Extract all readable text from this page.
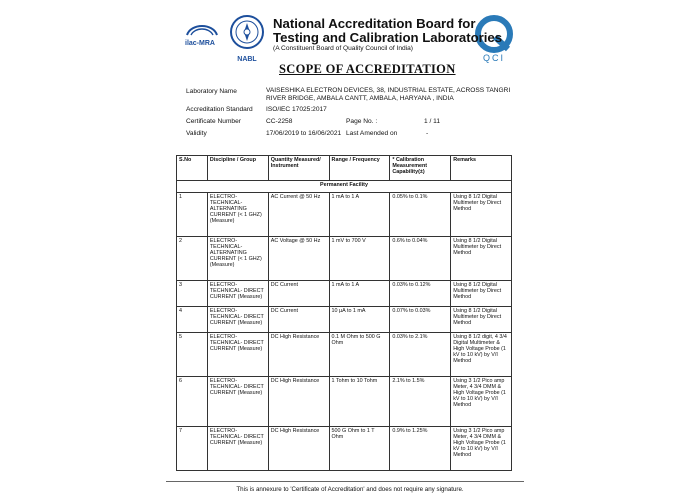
ilac-MRA
NABL	QCI
National Accreditation Board for
Testing and Calibration Laboratories
(A Constituent Board of Quality Council of India)
SCOPE OF ACCREDITATION
Laboratory Name	VAISESHIKA ELECTRON DEVICES, 38, INDUSTRIAL ESTATE, ACROSS TANGRI
RIVER BRIDGE, AMBALA CANTT, AMBALA, HARYANA , INDIA
Accreditation Standard ISO/IEC 17025:2017
Certificate Number	CC-2258	Page No. :	1 / 11
Validity	17/06/2019 to 16/06/2021 Last Amended on	-
S.No	Discipline / Group	Quantity Measured/ Instrument	Range / Frequency	* Calibration Measurement Capability(±)	Remarks
Permanent Facility					
1	ELECTRO-TECHNICAL-ALTERNATING CURRENT (< 1 GHZ) (Measure)	AC Current @ 50 Hz	1 mA to 1 A	0.05% to 0.1%	Using 8 1/2 Digital Multimeter by Direct Method
2	ELECTRO-TECHNICAL-ALTERNATING CURRENT (< 1 GHZ) (Measure)	AC Voltage @ 50 Hz	1 mV to 700 V	0.6% to 0.04%	Using 8 1/2 Digital Multimeter by Direct Method
3	ELECTRO-TECHNICAL- DIRECT CURRENT (Measure)	DC Current	1 mA to 1 A	0.03% to 0.12%	Using 8 1/2 Digital Multimeter by Direct Method
4	ELECTRO-TECHNICAL- DIRECT CURRENT (Measure)	DC Current	10 µA to 1 mA	0.07% to 0.03%	Using 8 1/2 Digital Multimeter by Direct Method
5	ELECTRO-TECHNICAL- DIRECT CURRENT (Measure)	DC High Resistance	0.1 M Ohm to 500 G Ohm	0.03% to 2.1%	Using 8 1/2 digit, 4 3/4 Digital Multimeter & High Voltage Probe (1 kV to 10 kV) by V/I Method
6	ELECTRO-TECHNICAL- DIRECT CURRENT (Measure)	DC High Resistance	1 Tohm to 10 Tohm	2.1% to 1.5%	Using 3 1/2 Pico amp Meter, 4 3/4 DMM & High Voltage Probe (1 kV to 10 kV) by V/I Method
7	ELECTRO-TECHNICAL- DIRECT CURRENT (Measure)	DC High Resistance	500 G Ohm to 1 T Ohm	0.9% to 1.25%	Using 3 1/2 Pico amp Meter, 4 3/4 DMM & High Voltage Probe (1 kV to 10 kV) by V/I Method
This is annexure to 'Certificate of Accreditation' and does not require any signature.
